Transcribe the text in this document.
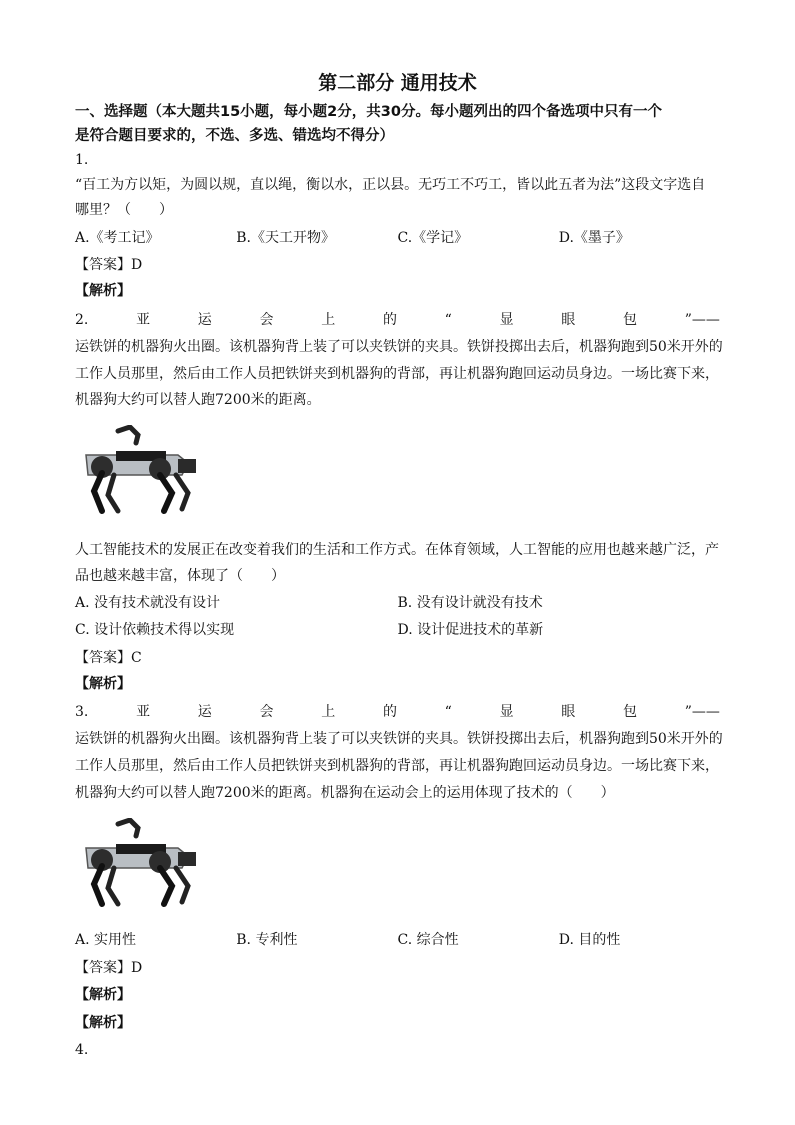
第二部分 通用技术
一、选择题（本大题共15小题，每小题2分，共30分。每小题列出的四个备选项中只有一个
是符合题目要求的，不选、多选、错选均不得分）
1.
“百工为方以矩，为圆以规，直以绳，衡以水，正以县。无巧工不巧工，皆以此五者为法”这段文字选自
哪里？（　　）
A.《考工记》	B.《天工开物》	C.《学记》	D.《墨子》
【答案】D
【解析】
2.	亚	运	会	上	的	“	显	眼	包	”——
运铁饼的机器狗火出圈。该机器狗背上装了可以夹铁饼的夹具。铁饼投掷出去后，机器狗跑到50米开外的
工作人员那里，然后由工作人员把铁饼夹到机器狗的背部，再让机器狗跑回运动员身边。一场比赛下来，
机器狗大约可以替人跑7200米的距离。
人工智能技术的发展正在改变着我们的生活和工作方式。在体育领域，人工智能的应用也越来越广泛，产
品也越来越丰富，体现了（　　）
A. 没有技术就没有设计	B. 没有设计就没有技术
C. 设计依赖技术得以实现	D. 设计促进技术的革新
【答案】C
【解析】
3.	亚	运	会	上	的	“	显	眼	包	”——
运铁饼的机器狗火出圈。该机器狗背上装了可以夹铁饼的夹具。铁饼投掷出去后，机器狗跑到50米开外的
工作人员那里，然后由工作人员把铁饼夹到机器狗的背部，再让机器狗跑回运动员身边。一场比赛下来，
机器狗大约可以替人跑7200米的距离。机器狗在运动会上的运用体现了技术的（　　）
A. 实用性	B. 专利性	C. 综合性	D. 目的性
【答案】D
【解析】
【解析】
4.
